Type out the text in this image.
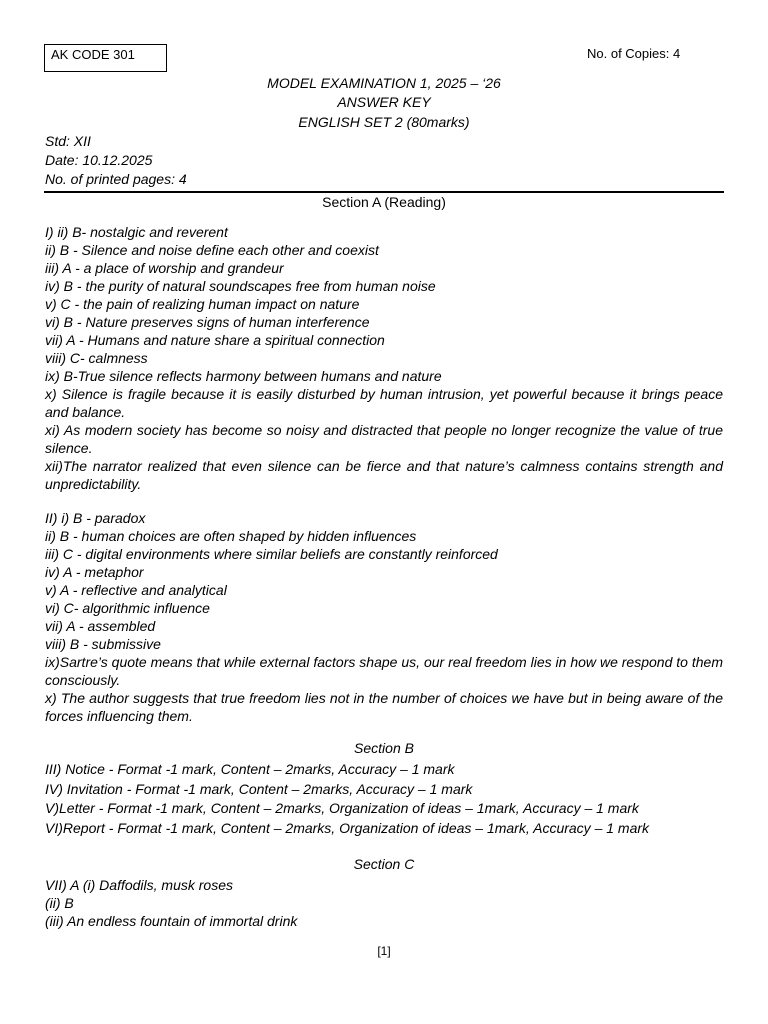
AK CODE 301	No. of Copies: 4
MODEL EXAMINATION 1, 2025 – ‘26
ANSWER KEY
ENGLISH SET 2 (80marks)
Std: XII
Date: 10.12.2025
No. of printed pages: 4
Section A (Reading)
I) ii) B- nostalgic and reverent
ii) B - Silence and noise define each other and coexist
iii) A - a place of worship and grandeur
iv) B - the purity of natural soundscapes free from human noise
v) C - the pain of realizing human impact on nature
vi) B - Nature preserves signs of human interference
vii) A - Humans and nature share a spiritual connection
viii) C- calmness
ix) B-True silence reflects harmony between humans and nature
x) Silence is fragile because it is easily disturbed by human intrusion, yet powerful because it brings peace and balance.
xi) As modern society has become so noisy and distracted that people no longer recognize the value of true silence.
xii)The narrator realized that even silence can be fierce and that nature’s calmness contains strength and unpredictability.
II) i) B - paradox
ii) B - human choices are often shaped by hidden influences
iii) C - digital environments where similar beliefs are constantly reinforced
iv) A - metaphor
v) A - reflective and analytical
vi) C- algorithmic influence
vii) A - assembled
viii) B - submissive
ix)Sartre’s quote means that while external factors shape us, our real freedom lies in how we respond to them consciously.
x) The author suggests that true freedom lies not in the number of choices we have but in being aware of the forces influencing them.
Section B
III) Notice - Format -1 mark, Content – 2marks, Accuracy – 1 mark
IV) Invitation - Format -1 mark, Content – 2marks, Accuracy – 1 mark
V)Letter - Format -1 mark, Content – 2marks, Organization of ideas – 1mark, Accuracy – 1 mark
VI)Report - Format -1 mark, Content – 2marks, Organization of ideas – 1mark, Accuracy – 1 mark
Section C
VII) A (i) Daffodils, musk roses
(ii) B
(iii) An endless fountain of immortal drink
[1]
